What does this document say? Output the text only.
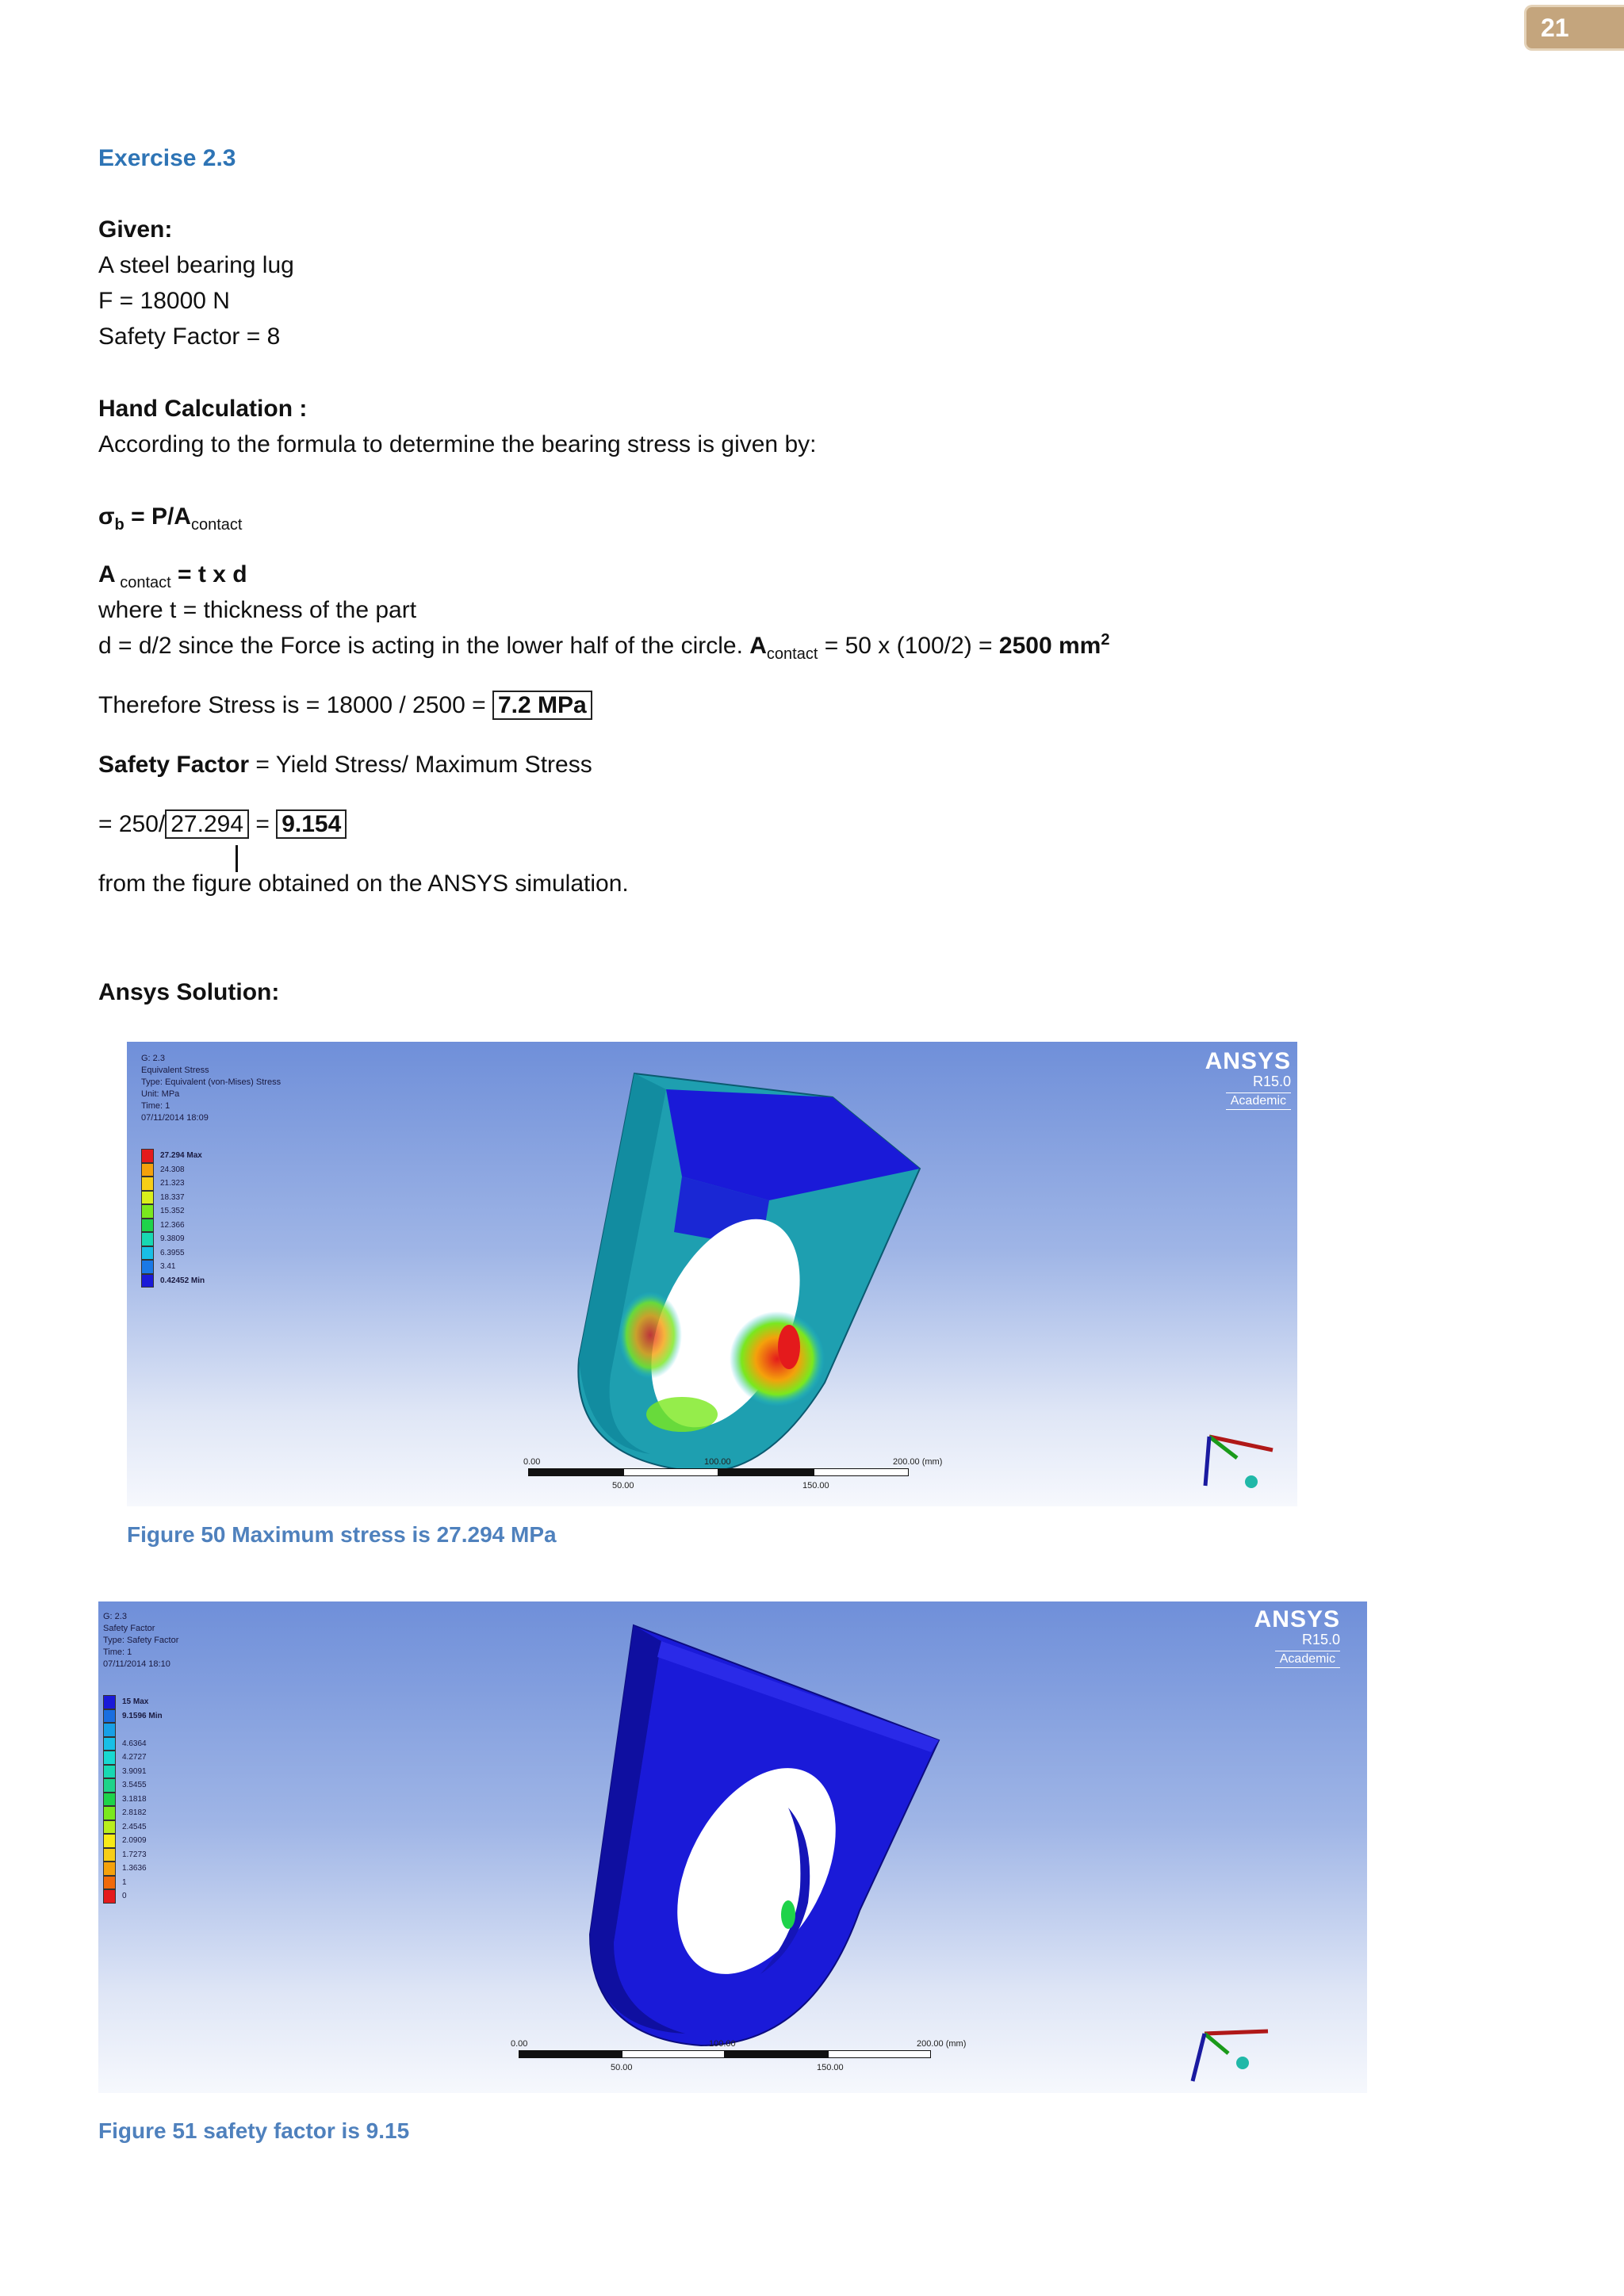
21
Exercise 2.3
Given:
A steel bearing lug
F = 18000 N
Safety Factor = 8
Hand Calculation :
According to the formula to determine the bearing stress is given by:
$\sigma_b = P/A_{contact}$
A $_{contact}$ = t x d
where t = thickness of the part
d = d/2 since the Force is acting in the lower half of the circle. $A_{contact} = 50$ x (100/2) = 2500 $mm^2$
Therefore Stress is = 18000 / 2500 = 7.2 MPa
Safety Factor = Yield Stress/ Maximum Stress
= 250/ 27.294 = 9.154
from the figure obtained on the ANSYS simulation.
Ansys Solution:
G: 2.3
Equivalent Stress
Type: Equivalent (von-Mises) Stress
Unit: MPa
Time: 1
07/11/2014 18:09
27.294 Max
24.308
21.323
18.337
15.352
12.366
9.3809
6.3955
3.41
0.42452 Min
ANSYS
R15.0
Academic
0.00	100.00	200.00 (mm)
50.00	150.00
Figure 50 Maximum stress is 27.294 MPa
G: 2.3
Safety Factor
Type: Safety Factor
Time: 1
07/11/2014 18:10
15 Max
9.1596 Min
4.6364
4.2727
3.9091
3.5455
3.1818
2.8182
2.4545
2.0909
1.7273
1.3636
1
0
ANSYS
R15.0
Academic
0.00	100.00	200.00 (mm)
50.00	150.00
Figure 51 safety factor is 9.15
